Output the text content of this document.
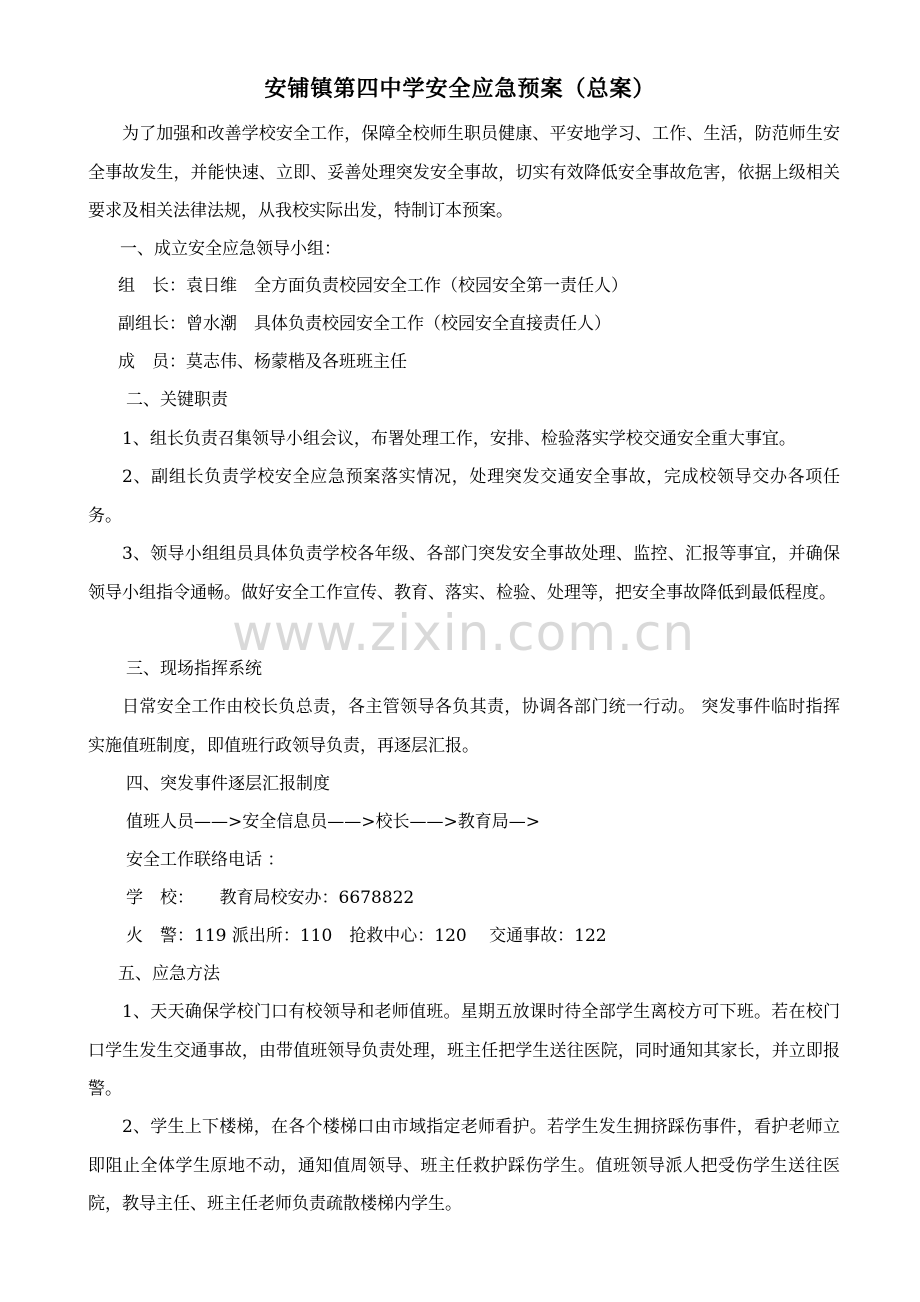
www.zixin.com.cn
安铺镇第四中学安全应急预案（总案）

为了加强和改善学校安全工作，保障全校师生职员健康、平安地学习、工作、生活，防范师生安全事故发生，并能快速、立即、妥善处理突发安全事故，切实有效降低安全事故危害，依据上级相关要求及相关法律法规，从我校实际出发，特制订本预案。

一、成立安全应急领导小组：

组　长：袁日维　全方面负责校园安全工作（校园安全第一责任人）

副组长：曾水潮　具体负责校园安全工作（校园安全直接责任人）

成　员：莫志伟、杨蒙楷及各班班主任

二、关键职责

1、组长负责召集领导小组会议，布署处理工作，安排、检验落实学校交通安全重大事宜。

2、副组长负责学校安全应急预案落实情况，处理突发交通安全事故，完成校领导交办各项任务。

3、领导小组组员具体负责学校各年级、各部门突发安全事故处理、监控、汇报等事宜，并确保领导小组指令通畅。做好安全工作宣传、教育、落实、检验、处理等，把安全事故降低到最低程度。

三、现场指挥系统

日常安全工作由校长负总责，各主管领导各负其责，协调各部门统一行动。 突发事件临时指挥实施值班制度，即值班行政领导负责，再逐层汇报。

四、突发事件逐层汇报制度

值班人员——>安全信息员——>校长——>教育局—>

安全工作联络电话 ：

学　校：　　教育局校安办：6678822

火　警：119 派出所：110　抢救中心：120　 交通事故：122

五、应急方法

1、天天确保学校门口有校领导和老师值班。星期五放课时待全部学生离校方可下班。若在校门口学生发生交通事故，由带值班领导负责处理，班主任把学生送往医院，同时通知其家长，并立即报警。

2、学生上下楼梯，在各个楼梯口由市域指定老师看护。若学生发生拥挤踩伤事件，看护老师立即阻止全体学生原地不动，通知值周领导、班主任救护踩伤学生。值班领导派人把受伤学生送往医院，教导主任、班主任老师负责疏散楼梯内学生。
